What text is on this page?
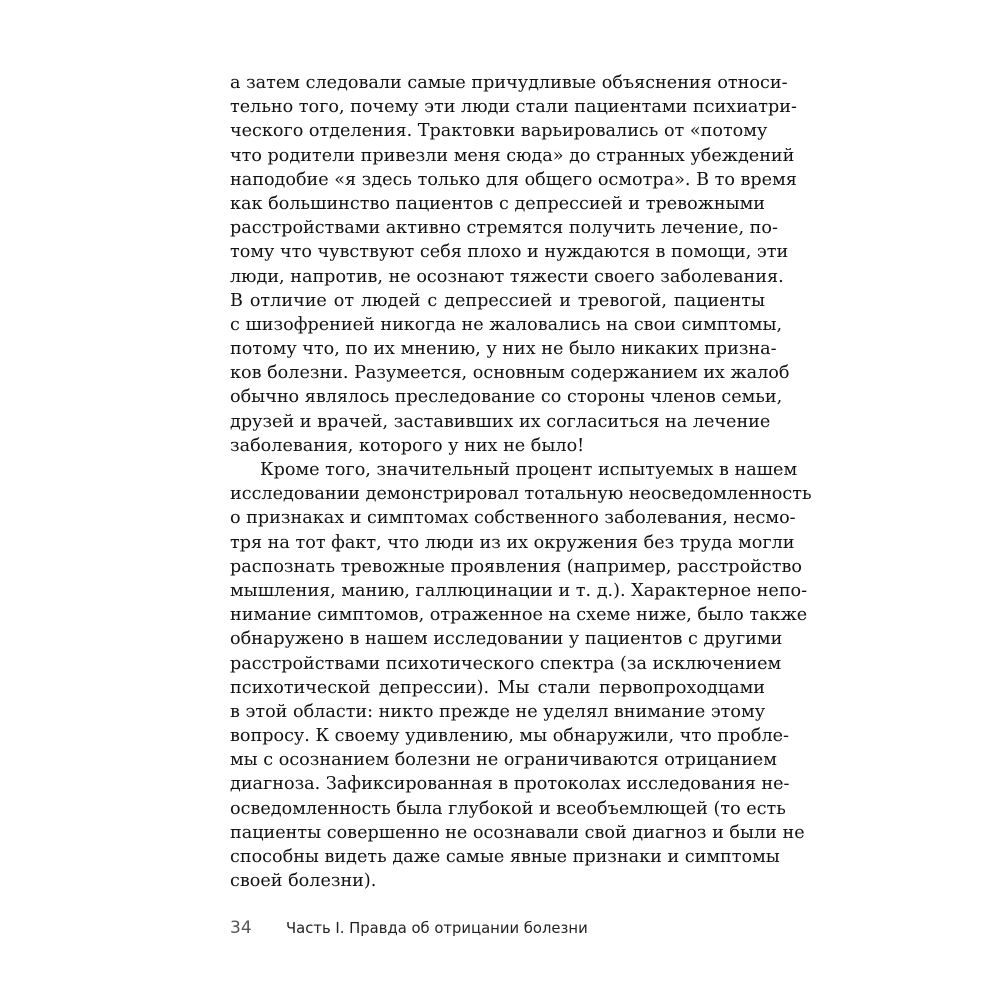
а затем следовали самые причудливые объяснения относи-
тельно того, почему эти люди стали пациентами психиатри-
ческого отделения. Трактовки варьировались от «потому
что родители привезли меня сюда» до странных убеждений
наподобие «я здесь только для общего осмотра». В то время
как большинство пациентов с депрессией и тревожными
расстройствами активно стремятся получить лечение, по-
тому что чувствуют себя плохо и нуждаются в помощи, эти
люди, напротив, не осознают тяжести своего заболевания.
В отличие от людей с депрессией и тревогой, пациенты
с шизофренией никогда не жаловались на свои симптомы,
потому что, по их мнению, у них не было никаких призна-
ков болезни. Разумеется, основным содержанием их жалоб
обычно являлось преследование со стороны членов семьи,
друзей и врачей, заставивших их согласиться на лечение
заболевания, которого у них не было!
Кроме того, значительный процент испытуемых в нашем
исследовании демонстрировал тотальную неосведомленность
о признаках и симптомах собственного заболевания, несмо-
тря на тот факт, что люди из их окружения без труда могли
распознать тревожные проявления (например, расстройство
мышления, манию, галлюцинации и т. д.). Характерное непо-
нимание симптомов, отраженное на схеме ниже, было также
обнаружено в нашем исследовании у пациентов с другими
расстройствами психотического спектра (за исключением
психотической депрессии). Мы стали первопроходцами
в этой области: никто прежде не уделял внимание этому
вопросу. К своему удивлению, мы обнаружили, что пробле-
мы с осознанием болезни не ограничиваются отрицанием
диагноза. Зафиксированная в протоколах исследования не-
осведомленность была глубокой и всеобъемлющей (то есть
пациенты совершенно не осознавали свой диагноз и были не
способны видеть даже самые явные признаки и симптомы
своей болезни).
34 Часть I. Правда об отрицании болезни
